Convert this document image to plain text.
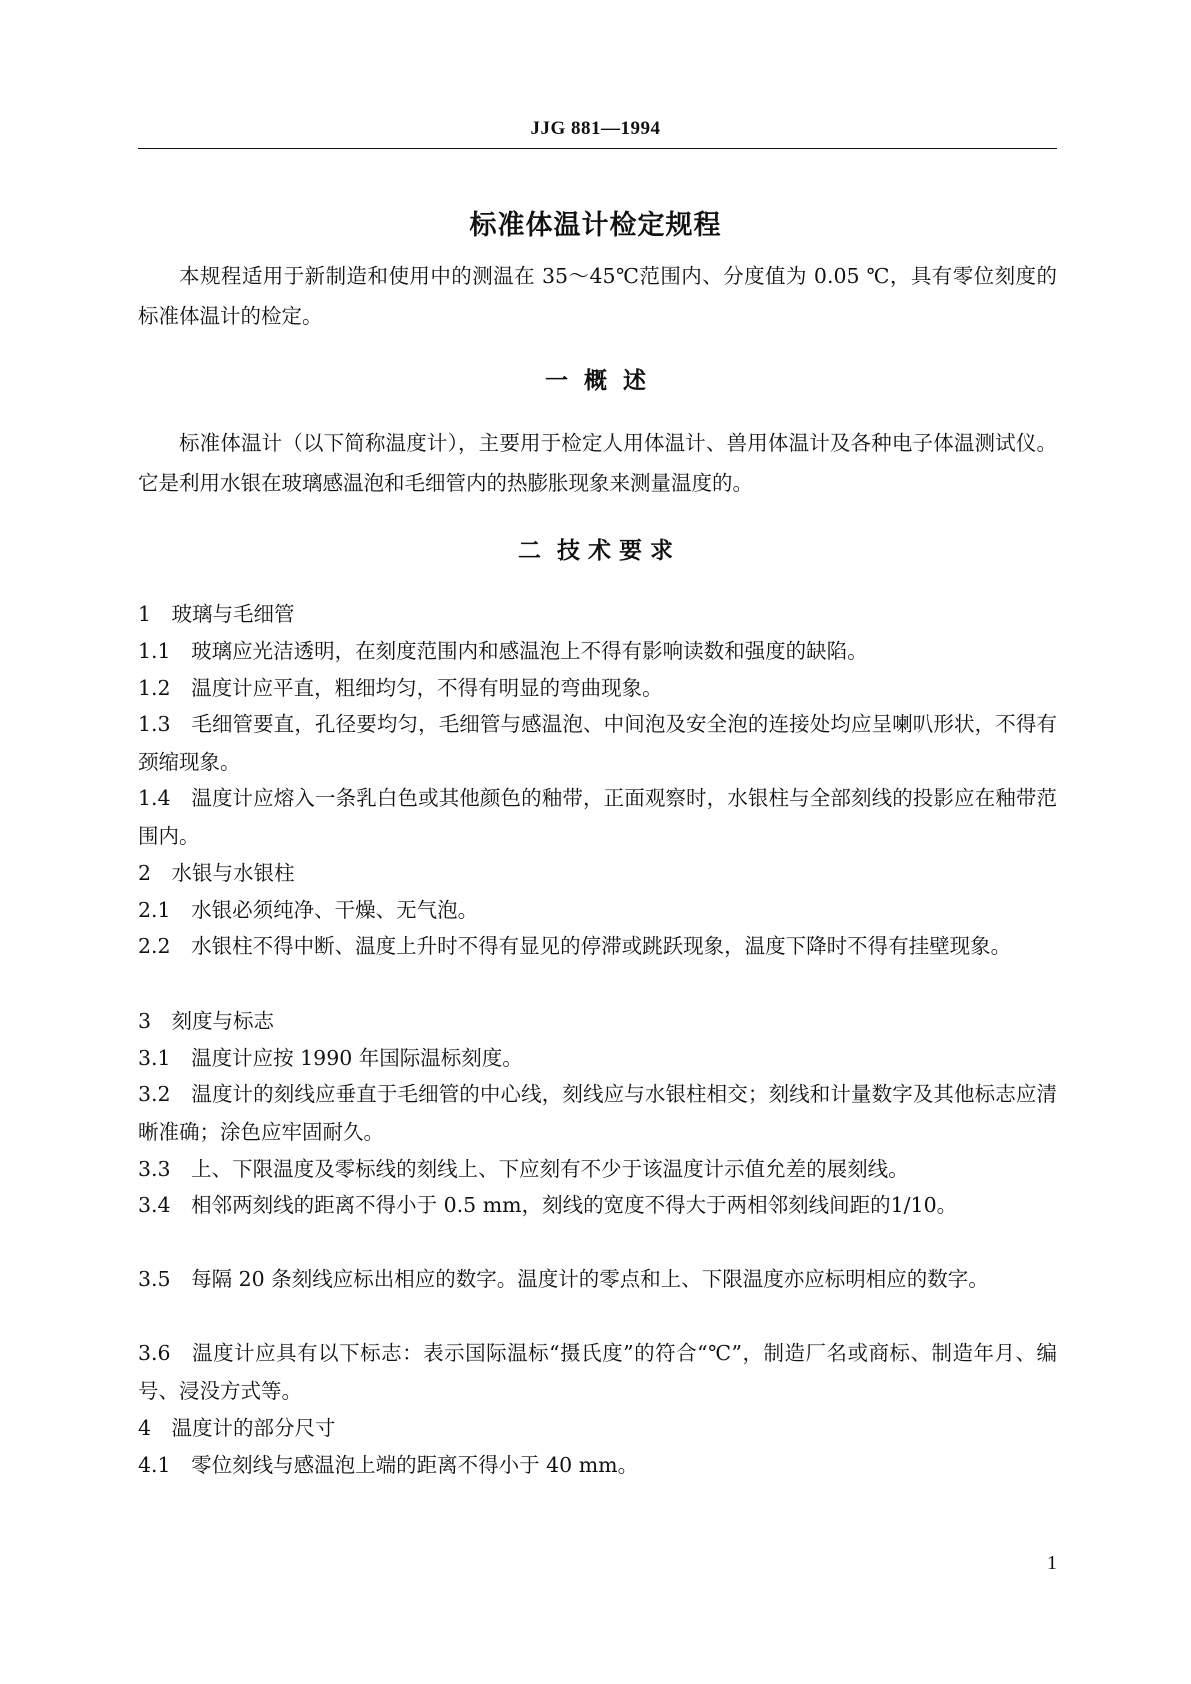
JJG 881—1994
标准体温计检定规程

本规程适用于新制造和使用中的测温在 35～45℃范围内、分度值为 0.05 ℃，具有零位刻度的标准体温计的检定。

一  概  述

标准体温计（以下简称温度计），主要用于检定人用体温计、兽用体温计及各种电子体温测试仪。它是利用水银在玻璃感温泡和毛细管内的热膨胀现象来测量温度的。

二  技 术 要 求

1　玻璃与毛细管

1.1　玻璃应光洁透明，在刻度范围内和感温泡上不得有影响读数和强度的缺陷。

1.2　温度计应平直，粗细均匀，不得有明显的弯曲现象。

1.3　毛细管要直，孔径要均匀，毛细管与感温泡、中间泡及安全泡的连接处均应呈喇叭形状，不得有颈缩现象。

1.4　温度计应熔入一条乳白色或其他颜色的釉带，正面观察时，水银柱与全部刻线的投影应在釉带范围内。

2　水银与水银柱

2.1　水银必须纯净、干燥、无气泡。

2.2　水银柱不得中断、温度上升时不得有显见的停滞或跳跃现象，温度下降时不得有挂壁现象。

3　刻度与标志

3.1　温度计应按 1990 年国际温标刻度。

3.2　温度计的刻线应垂直于毛细管的中心线，刻线应与水银柱相交；刻线和计量数字及其他标志应清晰准确；涂色应牢固耐久。

3.3　上、下限温度及零标线的刻线上、下应刻有不少于该温度计示值允差的展刻线。

3.4　相邻两刻线的距离不得小于 0.5 mm，刻线的宽度不得大于两相邻刻线间距的1/10。

3.5　每隔 20 条刻线应标出相应的数字。温度计的零点和上、下限温度亦应标明相应的数字。

3.6　温度计应具有以下标志：表示国际温标“摄氏度”的符合“℃”，制造厂名或商标、制造年月、编号、浸没方式等。

4　温度计的部分尺寸

4.1　零位刻线与感温泡上端的距离不得小于 40 mm。

1
